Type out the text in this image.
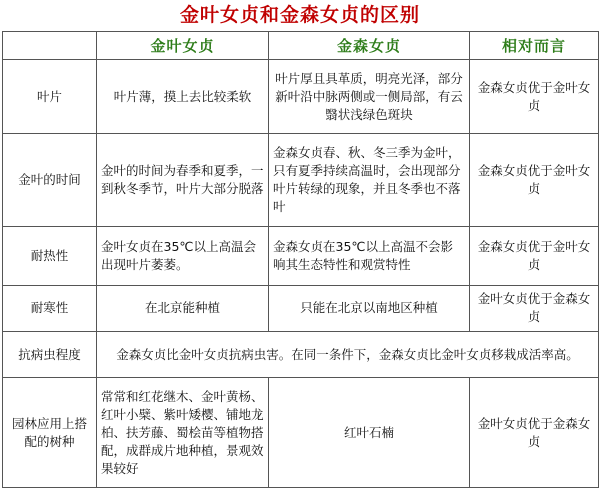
金叶女贞和金森女贞的区别
	金叶女贞	金森女贞	相对而言
叶片	叶片薄，摸上去比较柔软	叶片厚且具革质，明亮光泽，部分新叶沿中脉两侧或一侧局部，有云翳状浅绿色斑块	金森女贞优于金叶女贞
金叶的时间	金叶的时间为春季和夏季，一到秋冬季节，叶片大部分脱落	金森女贞春、秋、冬三季为金叶，只有夏季持续高温时，会出现部分叶片转绿的现象，并且冬季也不落叶	金森女贞优于金叶女贞
耐热性	金叶女贞在35℃以上高温会出现叶片萎萎。	金森女贞在35℃以上高温不会影响其生态特性和观赏特性	金森女贞优于金叶女贞
耐寒性	在北京能种植	只能在北京以南地区种植	金叶女贞优于金森女贞
抗病虫程度	金森女贞比金叶女贞抗病虫害。在同一条件下，金森女贞比金叶女贞移栽成活率高。		
园林应用上搭配的树种	常常和红花继木、金叶黄杨、红叶小檗、紫叶矮樱、铺地龙柏、扶芳藤、蜀桧苗等植物搭配，成群成片地种植，景观效果较好	红叶石楠	金叶女贞优于金森女贞
